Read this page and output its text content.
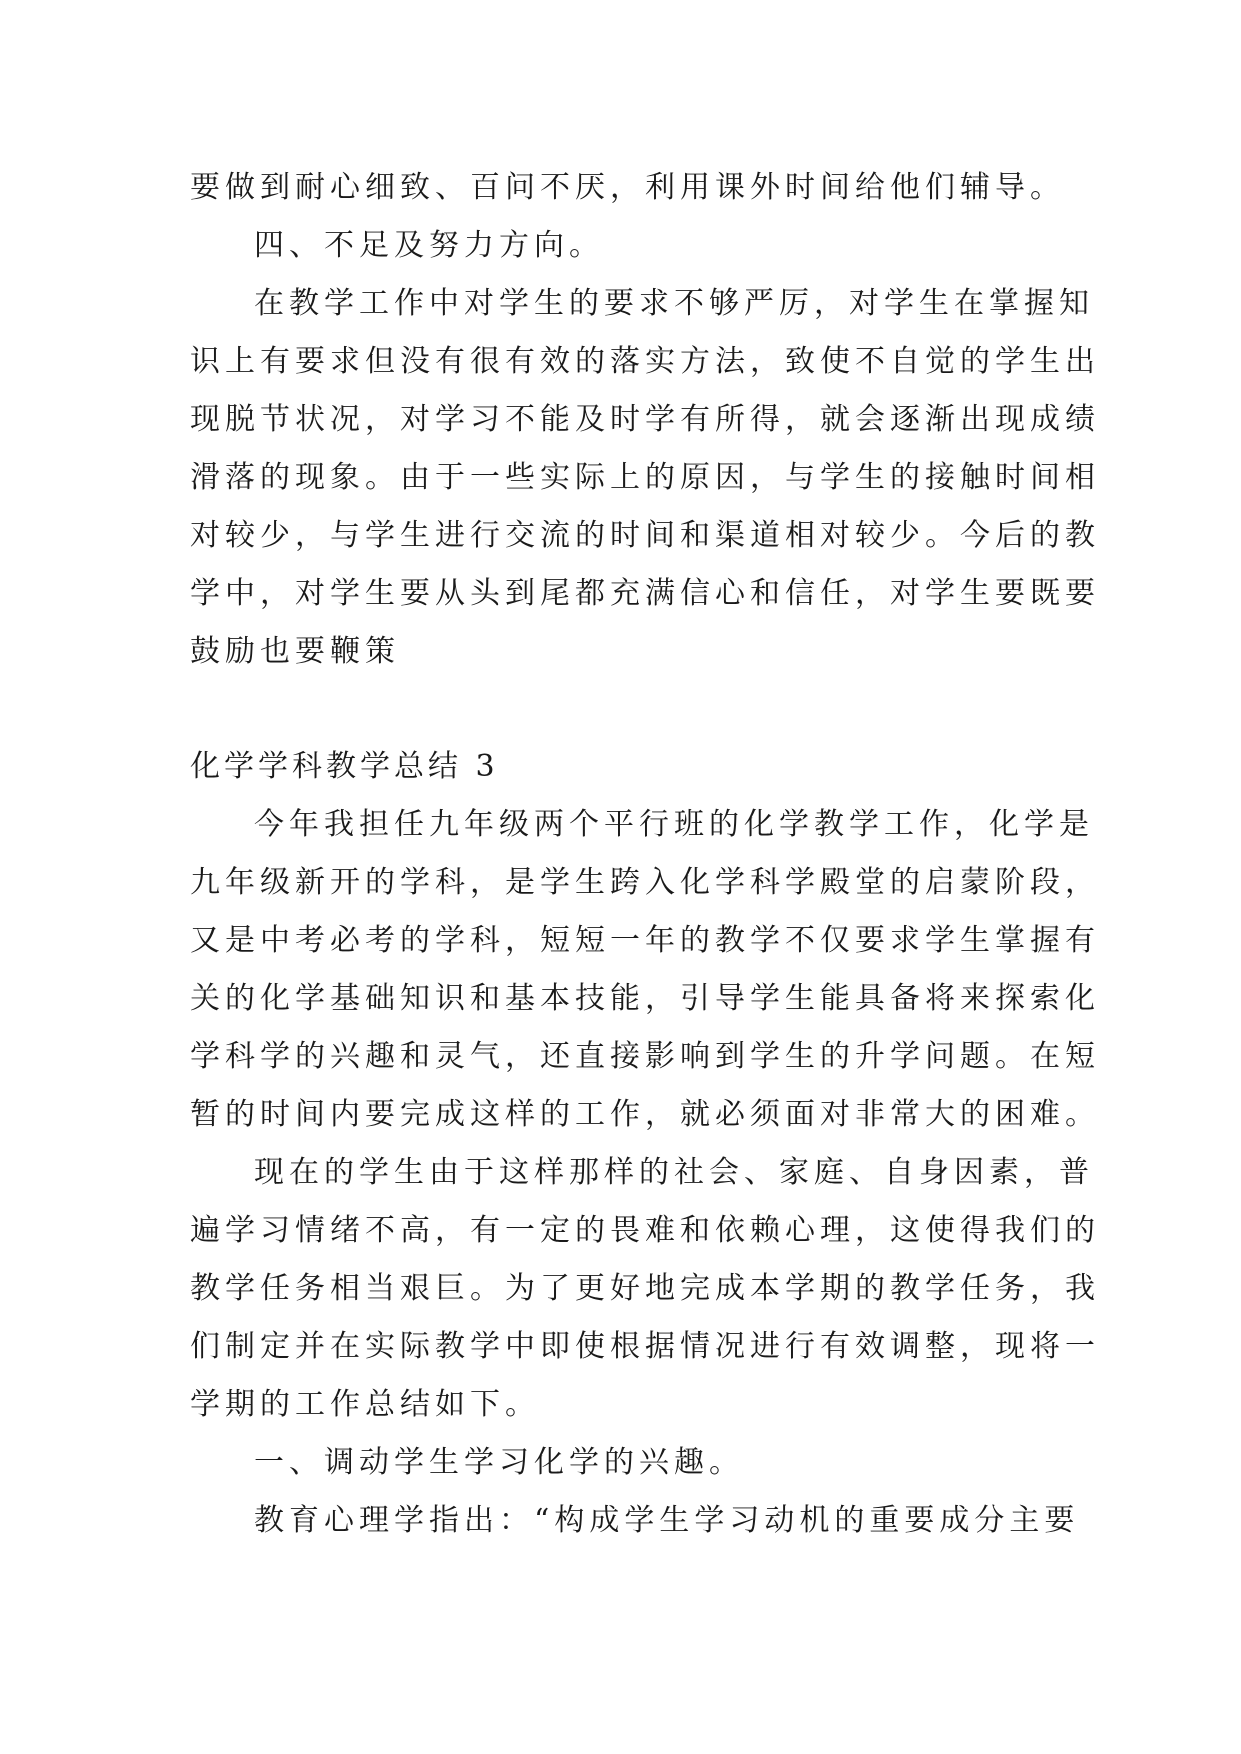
要做到耐心细致、百问不厌，利用课外时间给他们辅导。
四、不足及努力方向。
在教学工作中对学生的要求不够严厉，对学生在掌握知
识上有要求但没有很有效的落实方法，致使不自觉的学生出
现脱节状况，对学习不能及时学有所得，就会逐渐出现成绩
滑落的现象。由于一些实际上的原因，与学生的接触时间相
对较少，与学生进行交流的时间和渠道相对较少。今后的教
学中，对学生要从头到尾都充满信心和信任，对学生要既要
鼓励也要鞭策
化学学科教学总结 3
今年我担任九年级两个平行班的化学教学工作，化学是
九年级新开的学科，是学生跨入化学科学殿堂的启蒙阶段，
又是中考必考的学科，短短一年的教学不仅要求学生掌握有
关的化学基础知识和基本技能，引导学生能具备将来探索化
学科学的兴趣和灵气，还直接影响到学生的升学问题。在短
暂的时间内要完成这样的工作，就必须面对非常大的困难。
现在的学生由于这样那样的社会、家庭、自身因素，普
遍学习情绪不高，有一定的畏难和依赖心理，这使得我们的
教学任务相当艰巨。为了更好地完成本学期的教学任务，我
们制定并在实际教学中即使根据情况进行有效调整，现将一
学期的工作总结如下。
一、调动学生学习化学的兴趣。
教育心理学指出：“构成学生学习动机的重要成分主要
